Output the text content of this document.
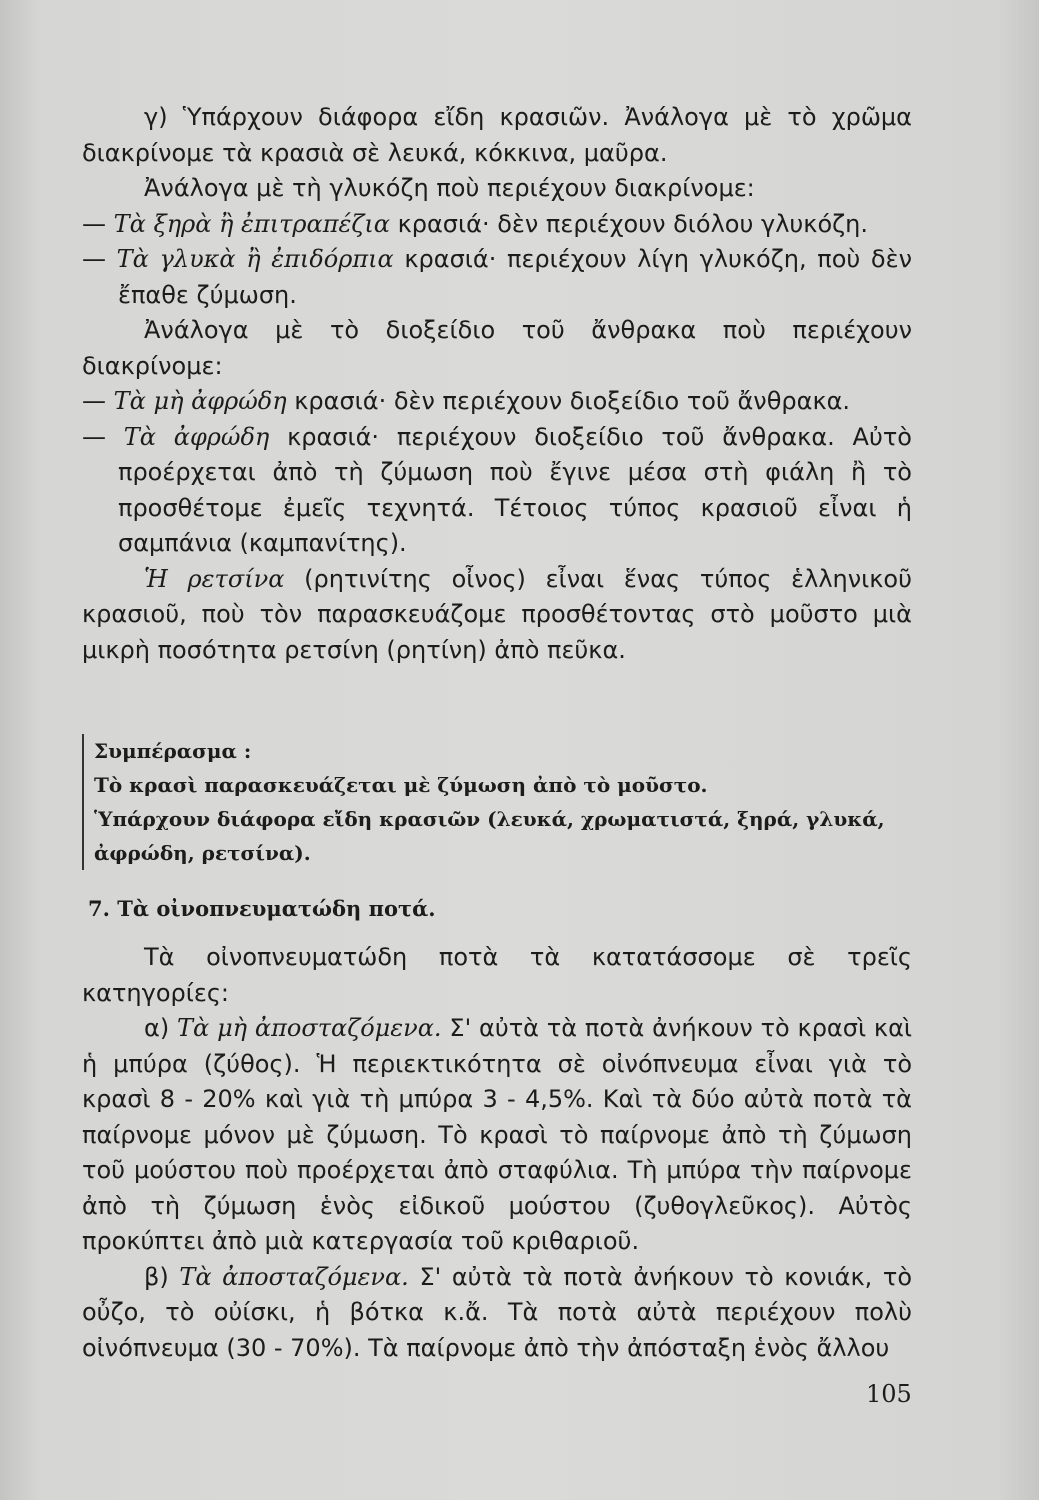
γ) Ὑπάρχουν διάφορα εἴδη κρασιῶν. Ἀνάλογα μὲ τὸ χρῶμα διακρίνομε τὰ κρασιὰ σὲ λευκά, κόκκινα, μαῦρα.

Ἀνάλογα μὲ τὴ γλυκόζη ποὺ περιέχουν διακρίνομε:

— Τὰ ξηρὰ ἢ ἐπιτραπέζια κρασιά· δὲν περιέχουν διόλου γλυκόζη.

— Τὰ γλυκὰ ἢ ἐπιδόρπια κρασιά· περιέχουν λίγη γλυκόζη, ποὺ δὲν ἔπαθε ζύμωση.

Ἀνάλογα μὲ τὸ διοξείδιο τοῦ ἄνθρακα ποὺ περιέχουν διακρίνομε:

— Τὰ μὴ ἀφρώδη κρασιά· δὲν περιέχουν διοξείδιο τοῦ ἄνθρακα.

— Τὰ ἀφρώδη κρασιά· περιέχουν διοξείδιο τοῦ ἄνθρακα. Αὐτὸ προέρχεται ἀπὸ τὴ ζύμωση ποὺ ἔγινε μέσα στὴ φιάλη ἢ τὸ προσθέτομε ἐμεῖς τεχνητά. Τέτοιος τύπος κρασιοῦ εἶναι ἡ σαμπάνια (καμπανίτης).

Ἡ ρετσίνα (ρητινίτης οἶνος) εἶναι ἕνας τύπος ἑλληνικοῦ κρασιοῦ, ποὺ τὸν παρασκευάζομε προσθέτοντας στὸ μοῦστο μιὰ μικρὴ ποσότητα ρετσίνη (ρητίνη) ἀπὸ πεῦκα.

Συμπέρασμα :
Τὸ κρασὶ παρασκευάζεται μὲ ζύμωση ἀπὸ τὸ μοῦστο.
Ὑπάρχουν διάφορα εἴδη κρασιῶν (λευκά, χρωματιστά, ξηρά, γλυκά, ἀφρώδη, ρετσίνα).
7. Τὰ οἰνοπνευματώδη ποτά.

Τὰ οἰνοπνευματώδη ποτὰ τὰ κατατάσσομε σὲ τρεῖς κατηγορίες:

α) Τὰ μὴ ἀποσταζόμενα. Σ' αὐτὰ τὰ ποτὰ ἀνήκουν τὸ κρασὶ καὶ ἡ μπύρα (ζύθος). Ἡ περιεκτικότητα σὲ οἰνόπνευμα εἶναι γιὰ τὸ κρασὶ 8 - 20% καὶ γιὰ τὴ μπύρα 3 - 4,5%. Καὶ τὰ δύο αὐτὰ ποτὰ τὰ παίρνομε μόνον μὲ ζύμωση. Τὸ κρασὶ τὸ παίρνομε ἀπὸ τὴ ζύμωση τοῦ μούστου ποὺ προέρχεται ἀπὸ σταφύλια. Τὴ μπύρα τὴν παίρνομε ἀπὸ τὴ ζύμωση ἑνὸς εἰδικοῦ μούστου (ζυθογλεῦκος). Αὐτὸς προκύπτει ἀπὸ μιὰ κατεργασία τοῦ κριθαριοῦ.

β) Τὰ ἀποσταζόμενα. Σ' αὐτὰ τὰ ποτὰ ἀνήκουν τὸ κονιάκ, τὸ οὖζο, τὸ οὐίσκι, ἡ βότκα κ.ἄ. Τὰ ποτὰ αὐτὰ περιέχουν πολὺ οἰνόπνευμα (30 - 70%). Τὰ παίρνομε ἀπὸ τὴν ἀπόσταξη ἑνὸς ἄλλου

105
